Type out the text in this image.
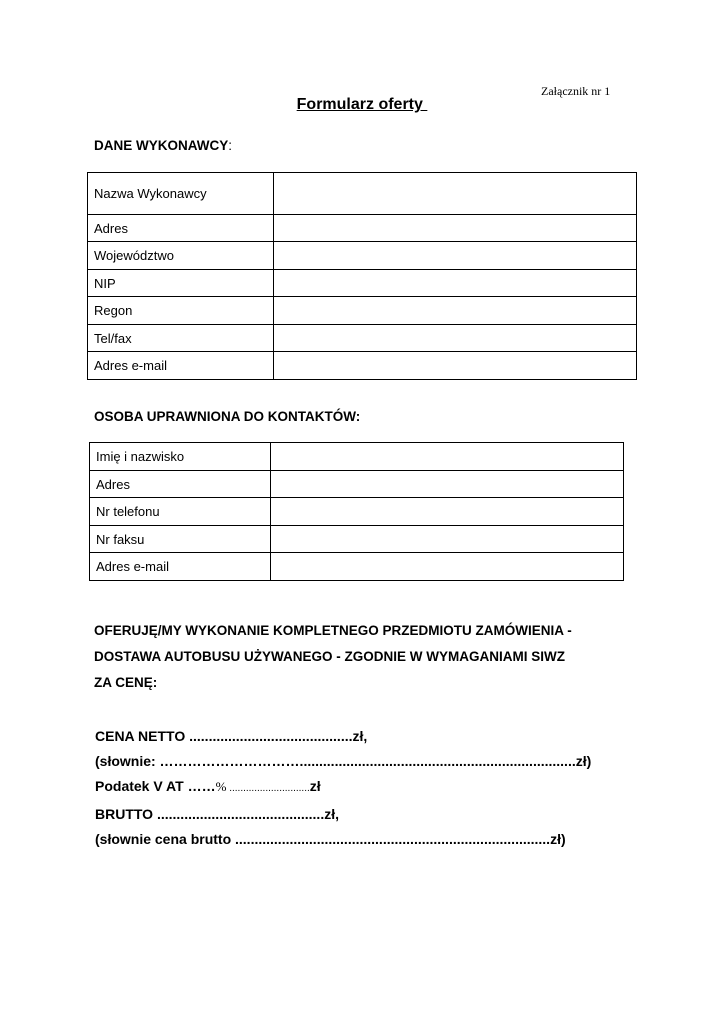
Załącznik nr 1
Formularz oferty
DANE WYKONAWCY:
Nazwa Wykonawcy	
Adres	
Województwo	
NIP	
Regon	
Tel/fax	
Adres e-mail	
OSOBA UPRAWNIONA DO KONTAKTÓW:
Imię i nazwisko	
Adres	
Nr telefonu	
Nr faksu	
Adres e-mail	
OFERUJĘ/MY WYKONANIE KOMPLETNEGO PRZEDMIOTU ZAMÓWIENIA -
DOSTAWA AUTOBUSU UŻYWANEGO - ZGODNIE W WYMAGANIAMI SIWZ
ZA CENĘ:
CENA NETTO ..........................................zł,
(słownie: ………………………….......................................................................zł)
Podatek V AT ……% .............................zł
BRUTTO ...........................................zł,
(słownie cena brutto .................................................................................zł)
